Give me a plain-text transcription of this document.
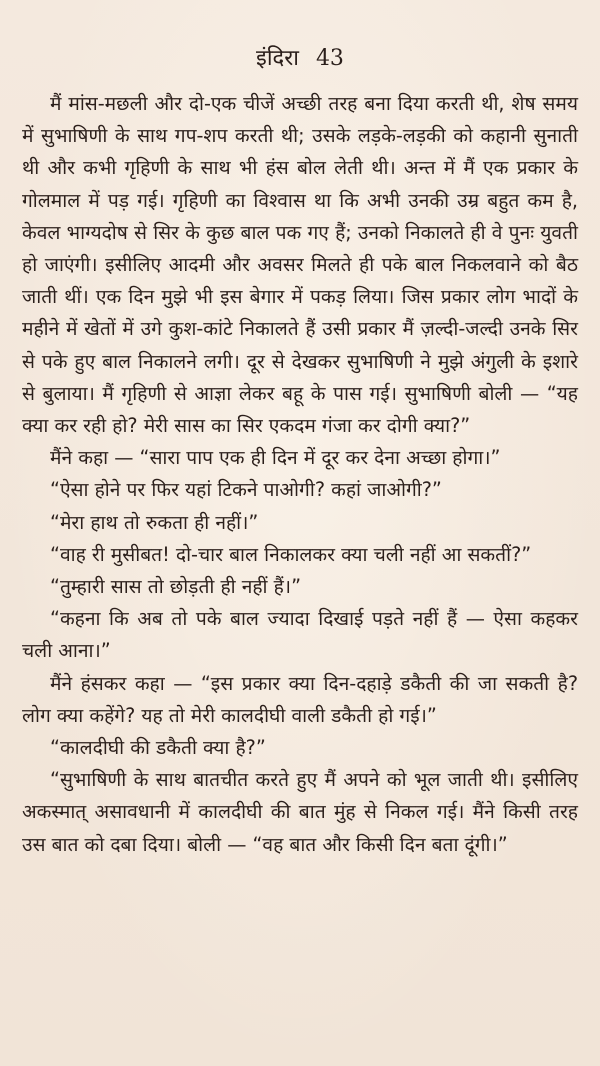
इंदिरा 43

मैं मांस-मछली और दो-एक चीजें अच्छी तरह बना दिया करती थी, शेष समय में सुभाषिणी के साथ गप-शप करती थी; उसके लड़के-लड़की को कहानी सुनाती थी और कभी गृहिणी के साथ भी हंस बोल लेती थी। अन्त में मैं एक प्रकार के गोलमाल में पड़ गई। गृहिणी का विश्वास था कि अभी उनकी उम्र बहुत कम है, केवल भाग्यदोष से सिर के कुछ बाल पक गए हैं; उनको निकालते ही वे पुनः युवती हो जाएंगी। इसीलिए आदमी और अवसर मिलते ही पके बाल निकलवाने को बैठ जाती थीं। एक दिन मुझे भी इस बेगार में पकड़ लिया। जिस प्रकार लोग भादों के महीने में खेतों में उगे कुश-कांटे निकालते हैं उसी प्रकार मैं ज़ल्दी-जल्दी उनके सिर से पके हुए बाल निकालने लगी। दूर से देखकर सुभाषिणी ने मुझे अंगुली के इशारे से बुलाया। मैं गृहिणी से आज्ञा लेकर बहू के पास गई। सुभाषिणी बोली — “यह क्या कर रही हो? मेरी सास का सिर एकदम गंजा कर दोगी क्या?”

मैंने कहा — “सारा पाप एक ही दिन में दूर कर देना अच्छा होगा।”

“ऐसा होने पर फिर यहां टिकने पाओगी? कहां जाओगी?”

“मेरा हाथ तो रुकता ही नहीं।”

“वाह री मुसीबत! दो-चार बाल निकालकर क्या चली नहीं आ सकतीं?”

“तुम्हारी सास तो छोड़ती ही नहीं हैं।”

“कहना कि अब तो पके बाल ज्यादा दिखाई पड़ते नहीं हैं — ऐसा कहकर चली आना।”

मैंने हंसकर कहा — “इस प्रकार क्या दिन-दहाड़े डकैती की जा सकती है? लोग क्या कहेंगे? यह तो मेरी कालदीघी वाली डकैती हो गई।”

“कालदीघी की डकैती क्या है?”

“सुभाषिणी के साथ बातचीत करते हुए मैं अपने को भूल जाती थी। इसीलिए अकस्मात् असावधानी में कालदीघी की बात मुंह से निकल गई। मैंने किसी तरह उस बात को दबा दिया। बोली — “वह बात और किसी दिन बता दूंगी।”
